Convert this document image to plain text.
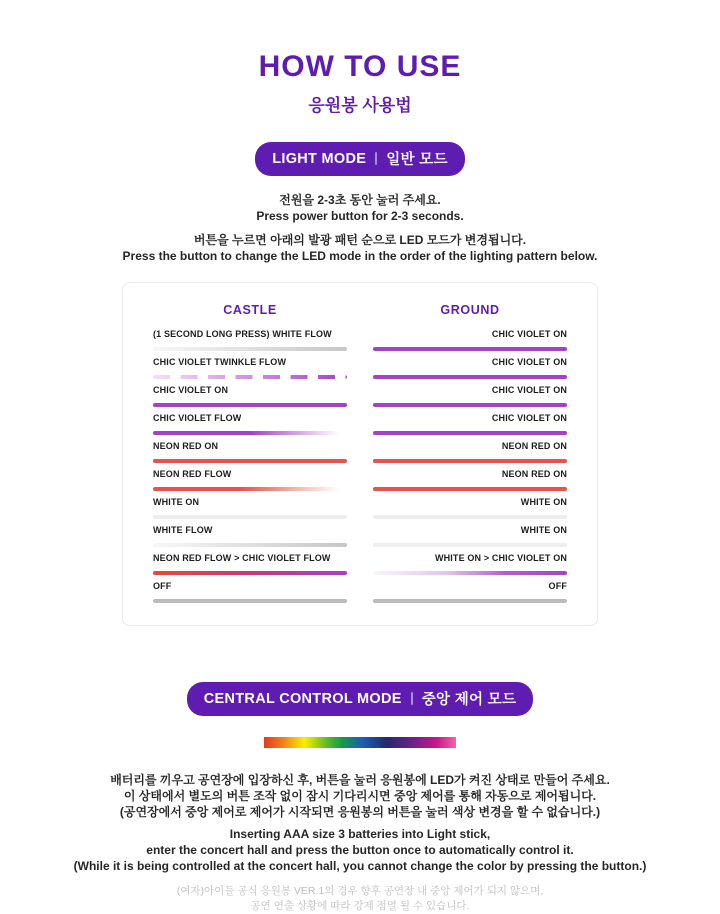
HOW TO USE
응원봉 사용법
LIGHT MODE 일반 모드
전원을 2-3초 동안 눌러 주세요.
Press power button for 2-3 seconds.
버튼을 누르면 아래의 발광 패턴 순으로 LED 모드가 변경됩니다.
Press the button to change the LED mode in the order of the lighting pattern below.
CASTLE	GROUND
(1 SECOND LONG PRESS) WHITE FLOW	CHIC VIOLET ON
CHIC VIOLET TWINKLE FLOW	CHIC VIOLET ON
CHIC VIOLET ON	CHIC VIOLET ON
CHIC VIOLET FLOW	CHIC VIOLET ON
NEON RED ON	NEON RED ON
NEON RED FLOW	NEON RED ON
WHITE ON	WHITE ON
WHITE FLOW	WHITE ON
NEON RED FLOW > CHIC VIOLET FLOW	WHITE ON > CHIC VIOLET ON
OFF	OFF
CENTRAL CONTROL MODE 중앙 제어 모드
배터리를 끼우고 공연장에 입장하신 후, 버튼을 눌러 응원봉에 LED가 켜진 상태로 만들어 주세요.
이 상태에서 별도의 버튼 조작 없이 잠시 기다리시면 중앙 제어를 통해 자동으로 제어됩니다.
(공연장에서 중앙 제어로 제어가 시작되면 응원봉의 버튼을 눌러 색상 변경을 할 수 없습니다.)
Inserting AAA size 3 batteries into Light stick,
enter the concert hall and press the button once to automatically control it.
(While it is being controlled at the concert hall, you cannot change the color by pressing the button.)
(여자)아이들 공식 응원봉 VER.1의 경우 향후 공연장 내 중앙 제어가 되지 않으며,
공연 연출 상황에 따라 강제 점멸 될 수 있습니다.
